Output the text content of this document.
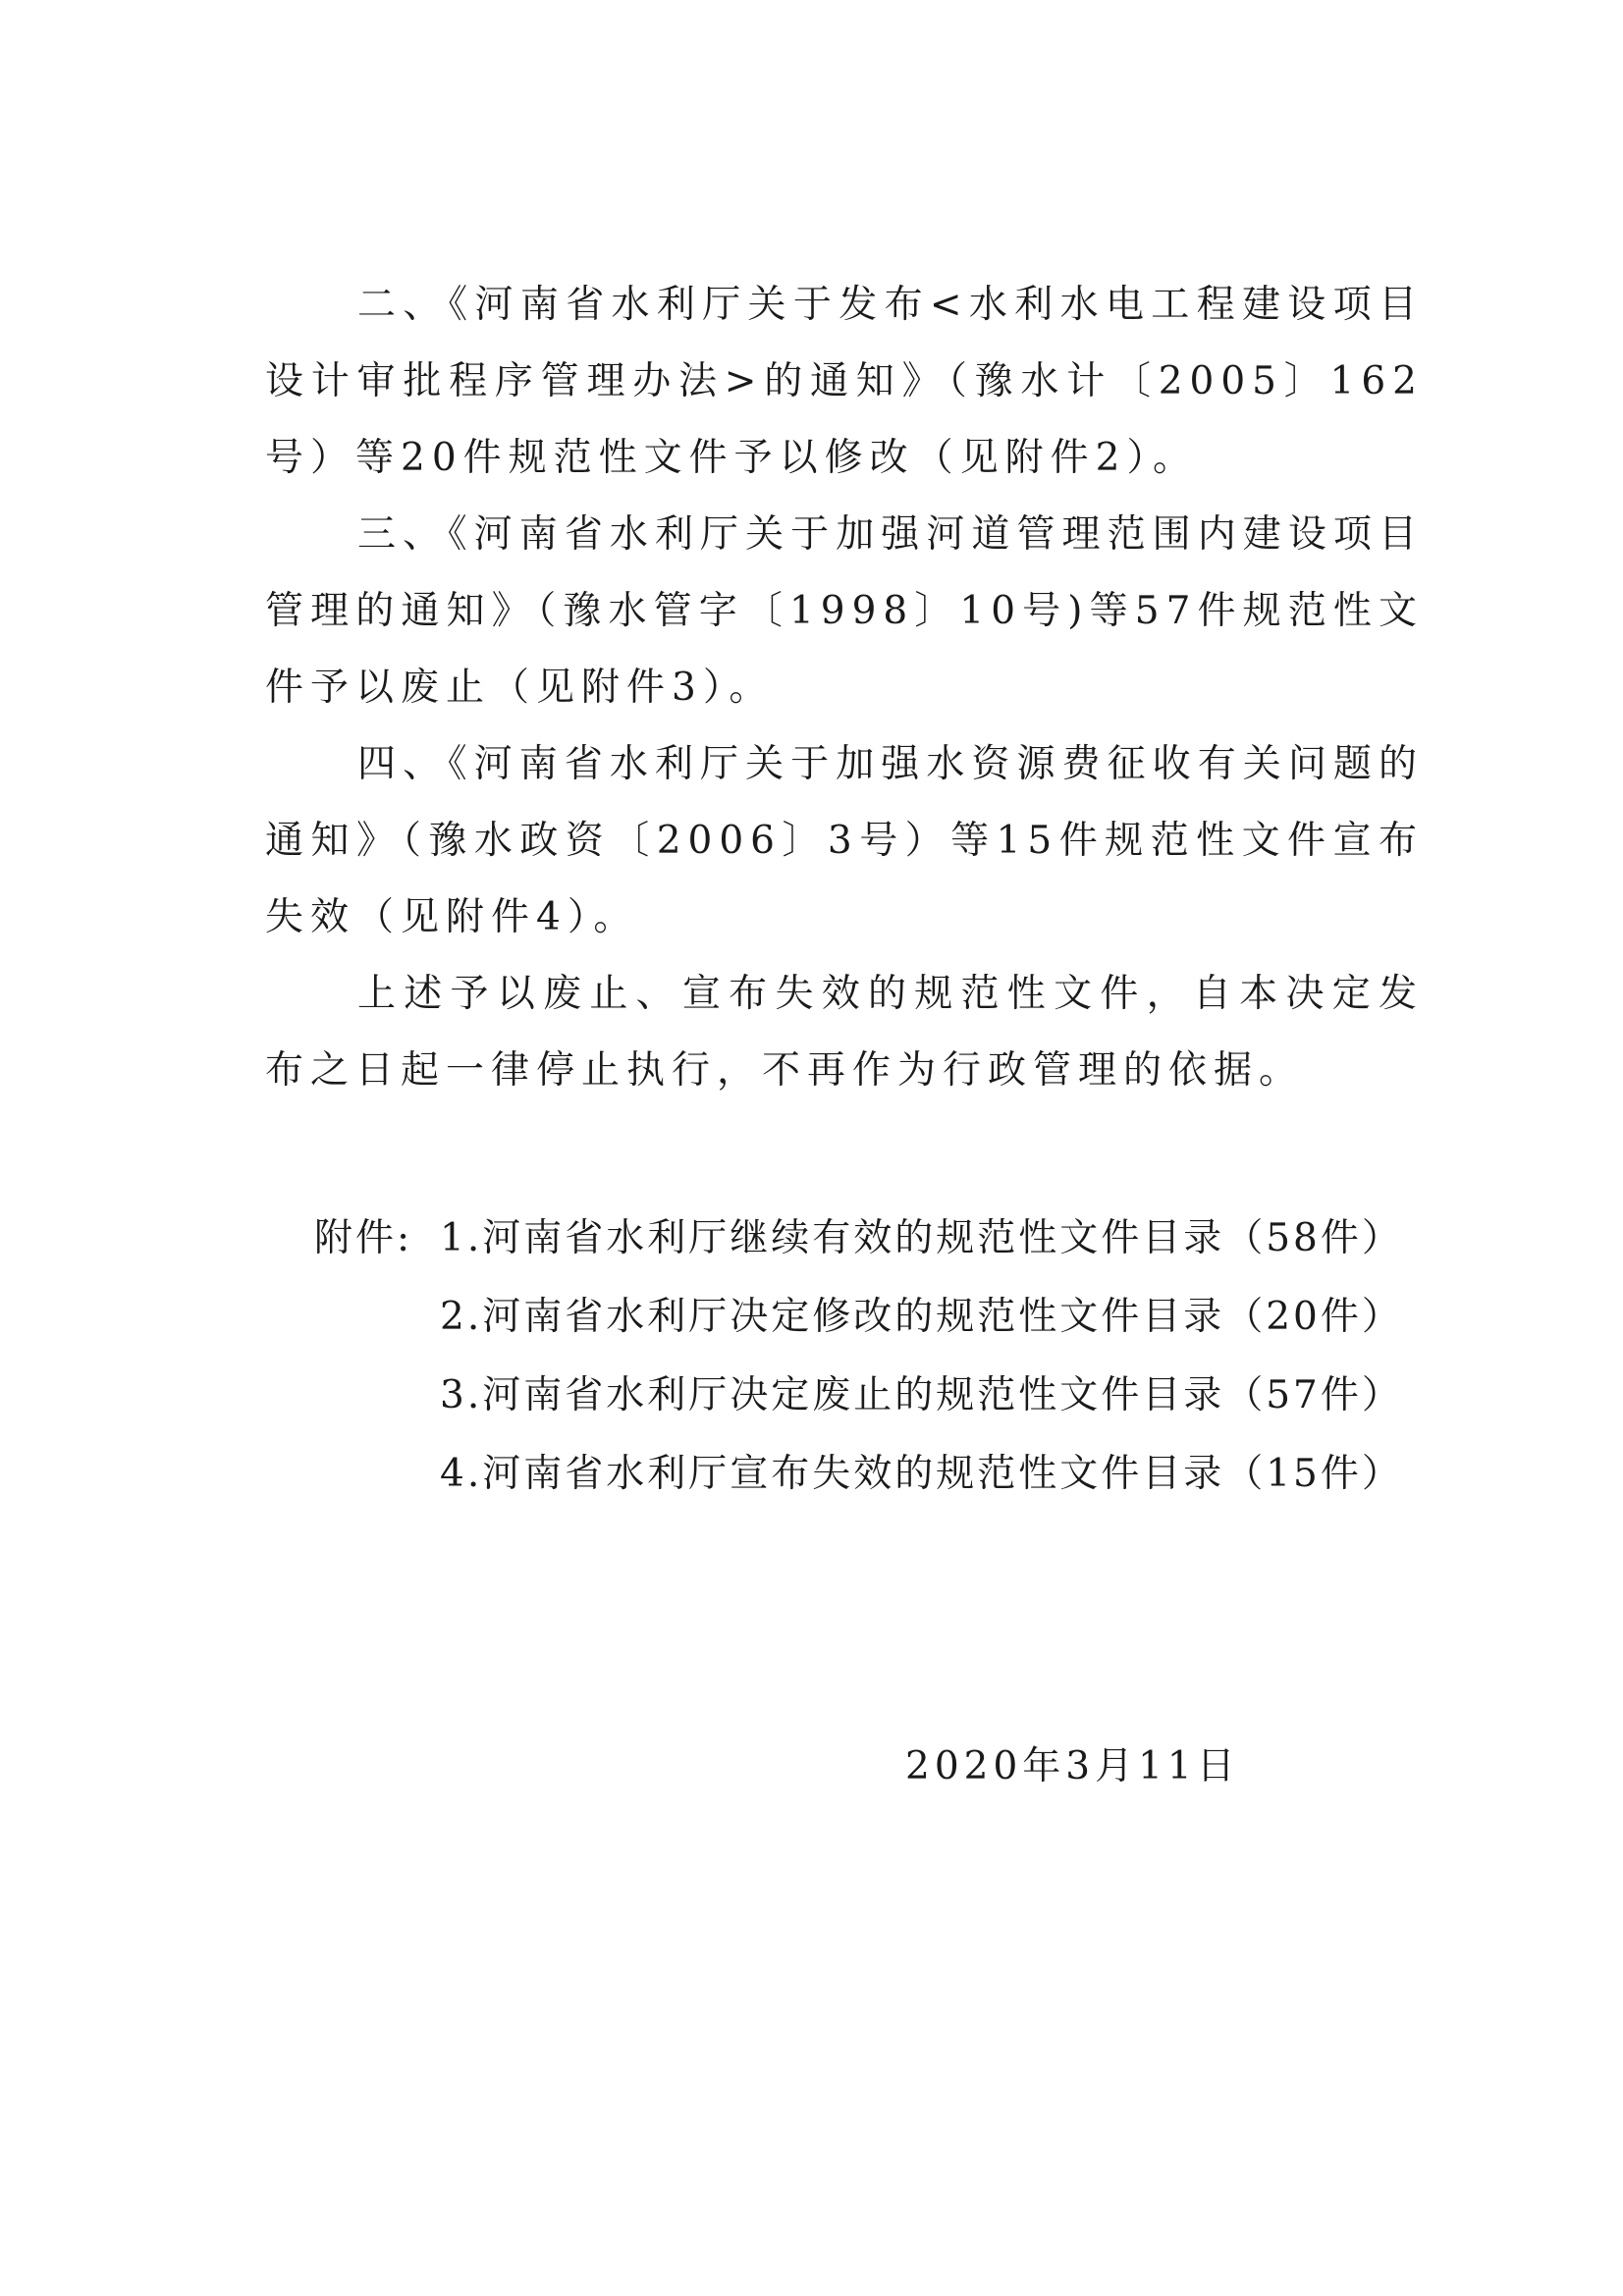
二、《河南省水利厅关于发布<水利水电工程建设项目设计审批程序管理办法>的通知》（豫水计〔2005〕162号）等20件规范性文件予以修改（见附件2）。

三、《河南省水利厅关于加强河道管理范围内建设项目管理的通知》（豫水管字〔1998〕10号)等57件规范性文件予以废止（见附件3）。

四、《河南省水利厅关于加强水资源费征收有关问题的通知》（豫水政资〔2006〕3号）等15件规范性文件宣布失效（见附件4）。

上述予以废止、宣布失效的规范性文件，自本决定发布之日起一律停止执行，不再作为行政管理的依据。

附件: 1.河南省水利厅继续有效的规范性文件目录（58件）
2.河南省水利厅决定修改的规范性文件目录（20件）
3.河南省水利厅决定废止的规范性文件目录（57件）
4.河南省水利厅宣布失效的规范性文件目录（15件）
2020年3月11日
